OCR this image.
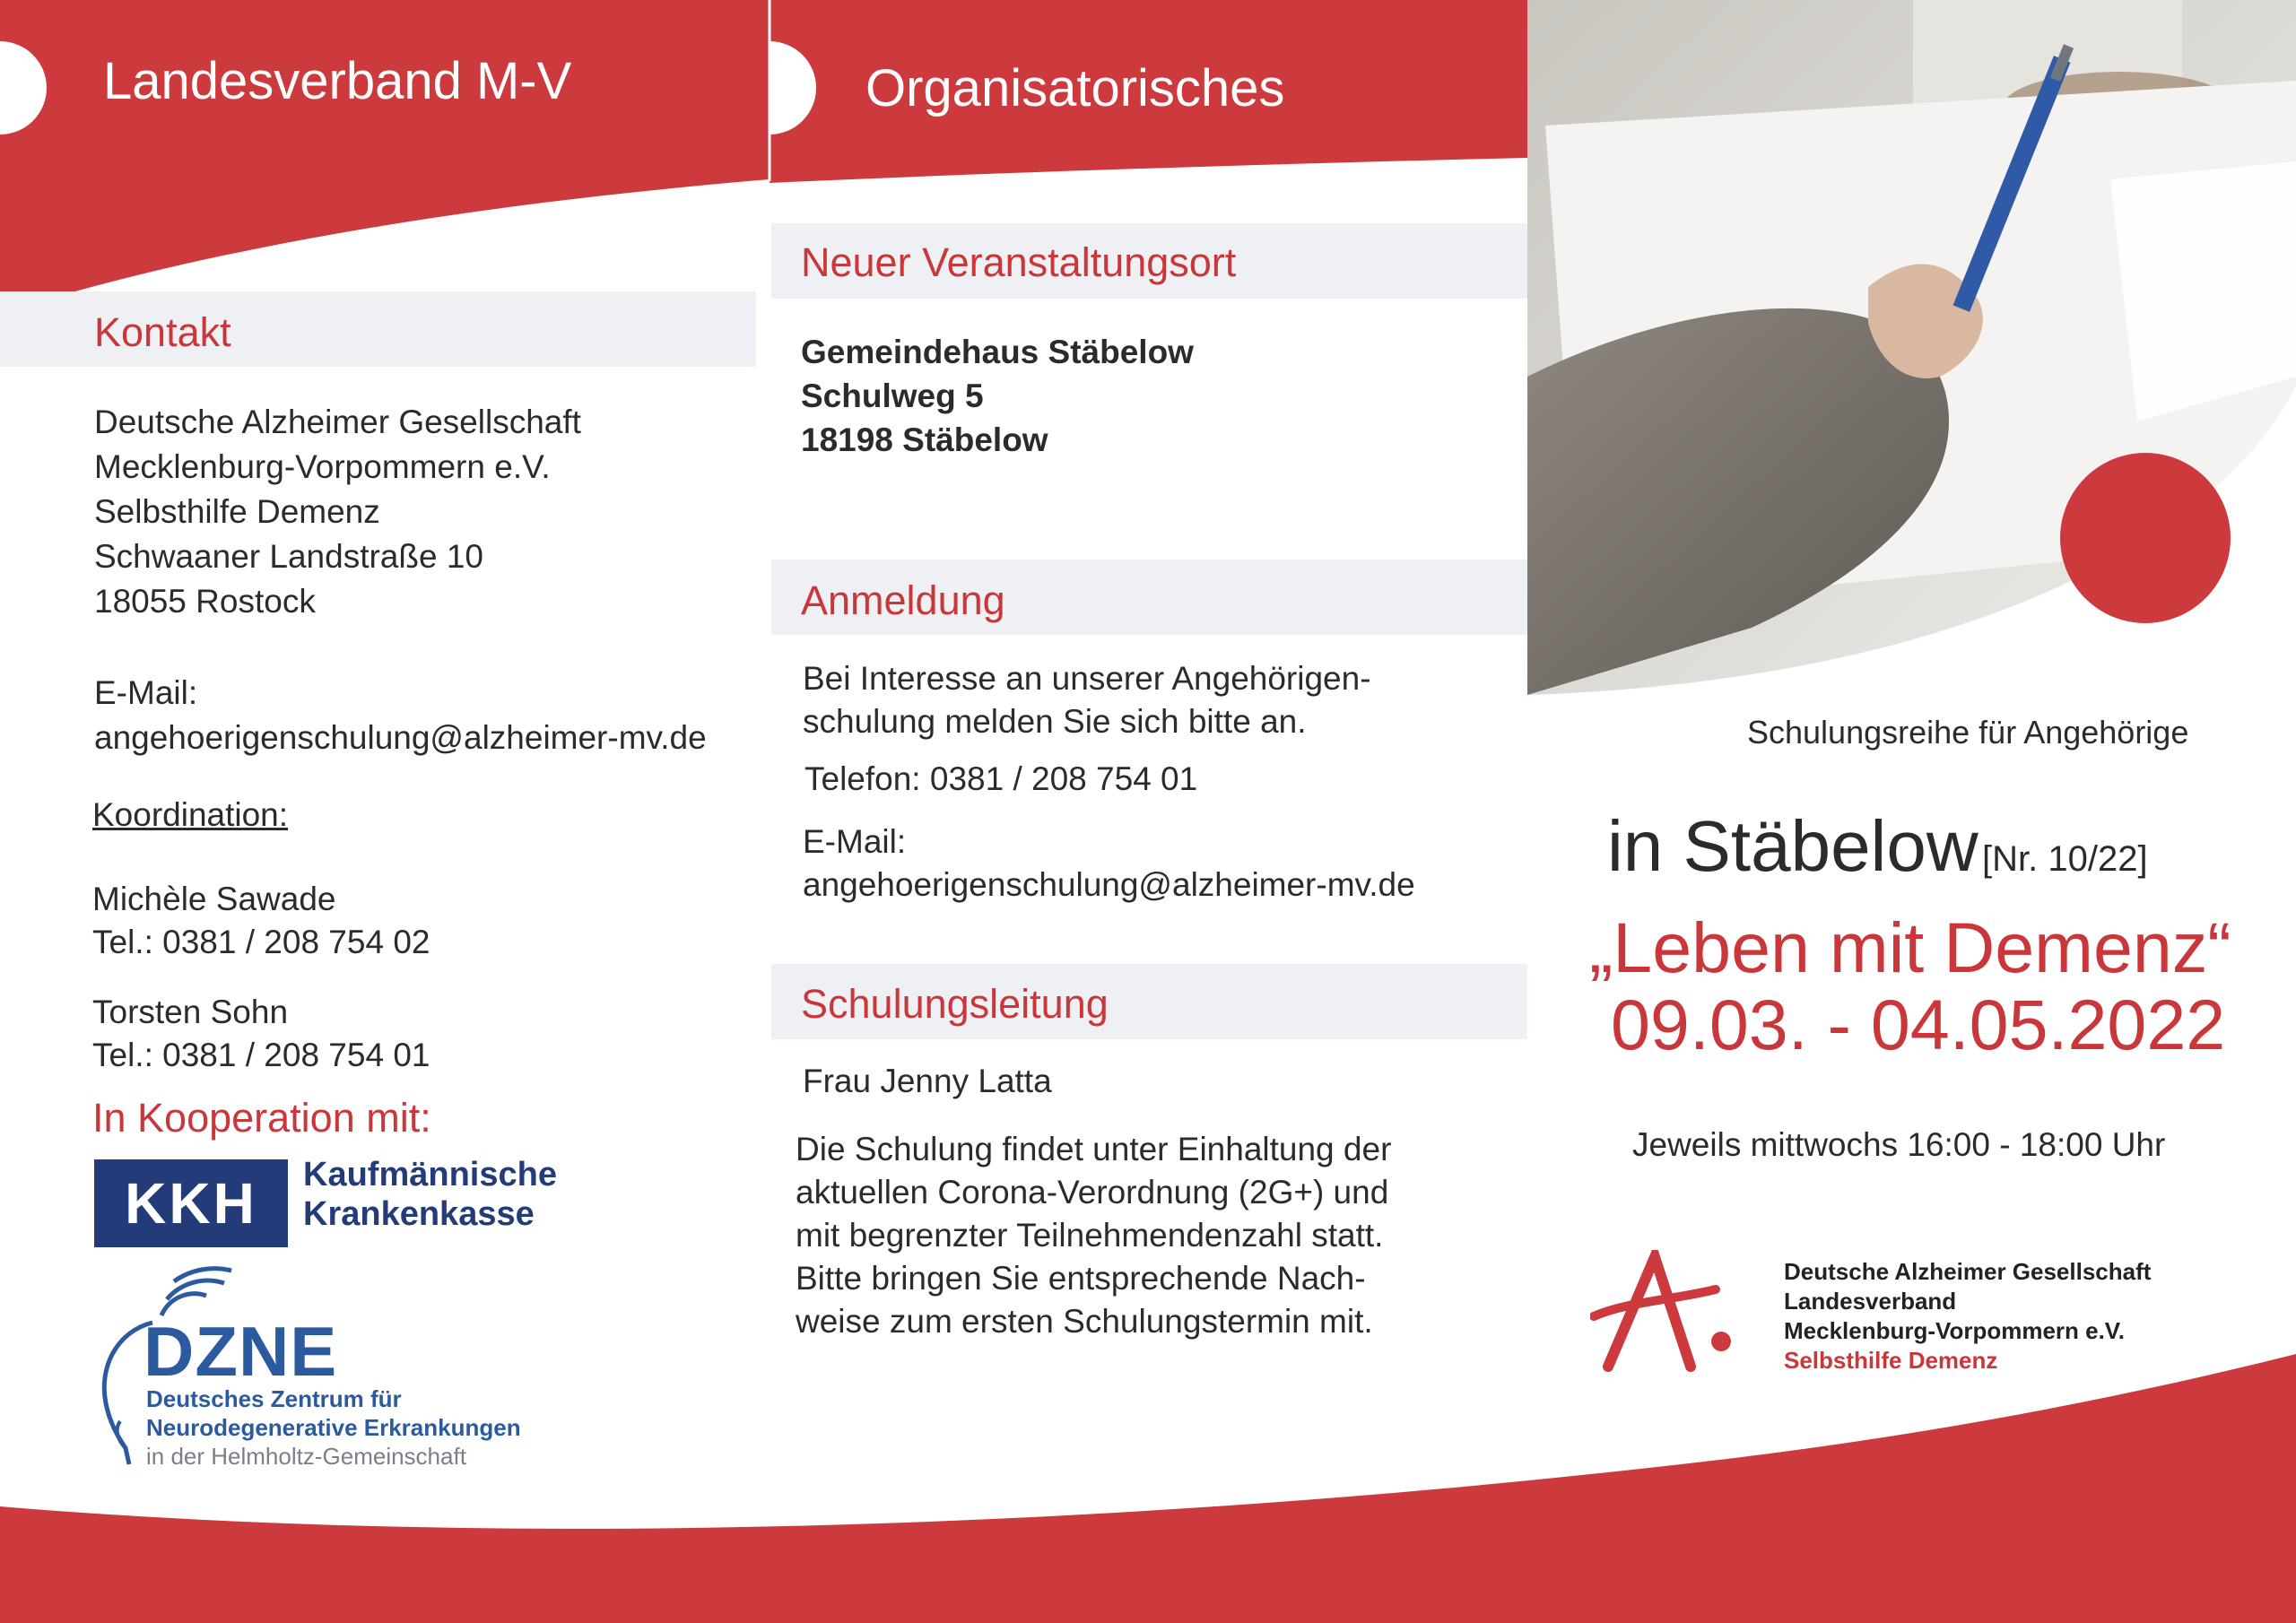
Landesverband M-V
Kontakt
Deutsche Alzheimer Gesellschaft
Mecklenburg-Vorpommern e.V.
Selbsthilfe Demenz
Schwaaner Landstraße 10
18055 Rostock
E-Mail:
angehoerigenschulung@alzheimer-mv.de
Koordination:
Michèle Sawade
Tel.: 0381 / 208 754 02
Torsten Sohn
Tel.: 0381 / 208 754 01
In Kooperation mit:
KKH	Kaufmännische
Krankenkasse
DZNE
Deutsches Zentrum für
Neurodegenerative Erkrankungen
in der Helmholtz-Gemeinschaft
Organisatorisches
Neuer Veranstaltungsort
Gemeindehaus Stäbelow
Schulweg 5
18198 Stäbelow
Anmeldung
Bei Interesse an unserer Angehörigen-
schulung melden Sie sich bitte an.
Telefon: 0381 / 208 754 01
E-Mail:
angehoerigenschulung@alzheimer-mv.de
Schulungsleitung
Frau Jenny Latta
Die Schulung findet unter Einhaltung der
aktuellen Corona-Verordnung (2G+) und
mit begrenzter Teilnehmendenzahl statt.
Bitte bringen Sie entsprechende Nach-
weise zum ersten Schulungstermin mit.
Schulungsreihe für Angehörige
in Stäbelow [Nr. 10/22]
„Leben mit Demenz“
09.03. - 04.05.2022
Jeweils mittwochs 16:00 - 18:00 Uhr
Deutsche Alzheimer Gesellschaft
Landesverband
Mecklenburg-Vorpommern e.V.
Selbsthilfe Demenz
